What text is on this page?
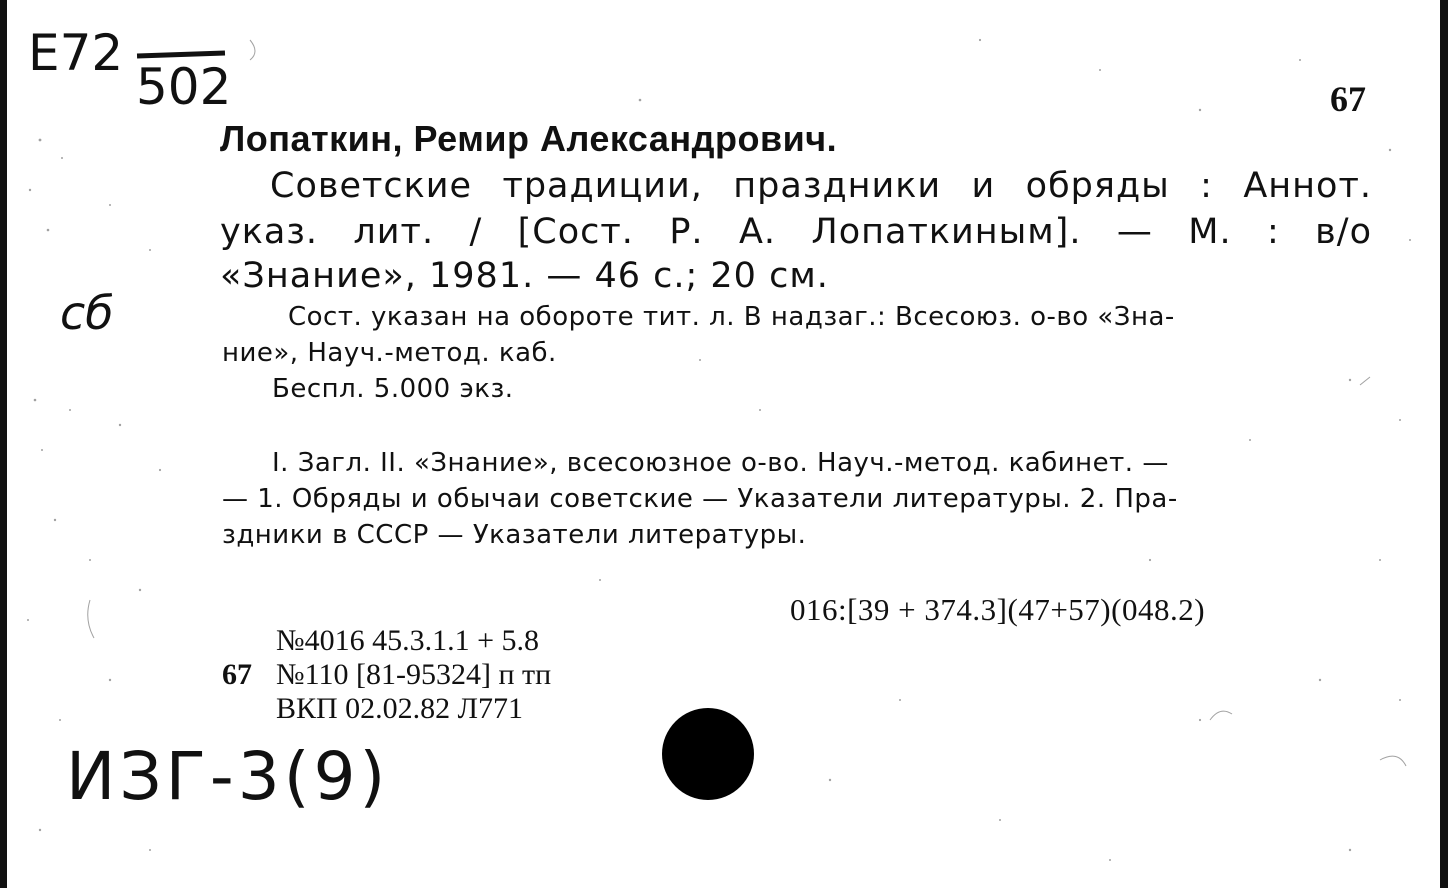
E72
502	67
Лопаткин, Ремир Александрович.
Советские традиции, праздники и обряды : Аннот.
указ. лит. / [Сост. Р. А. Лопаткиным]. — М. : в/о
«Знание», 1981. — 46 с.; 20 см.
сб	Сост. указан на обороте тит. л. В надзаг.: Всесоюз. о-во «Зна-
ние», Науч.-метод. каб.
Беспл. 5.000 экз.
I. Загл. II. «Знание», всесоюзное о-во. Науч.-метод. кабинет. —
— 1. Обряды и обычаи советские — Указатели литературы. 2. Пра-
здники в СССР — Указатели литературы.
016:[39 + 374.3](47+57)(048.2)
№4016 45.3.1.1 + 5.8
67 №110 [81-95324] п тп
ВКП 02.02.82 Л771
ИЗГ-3(9)
